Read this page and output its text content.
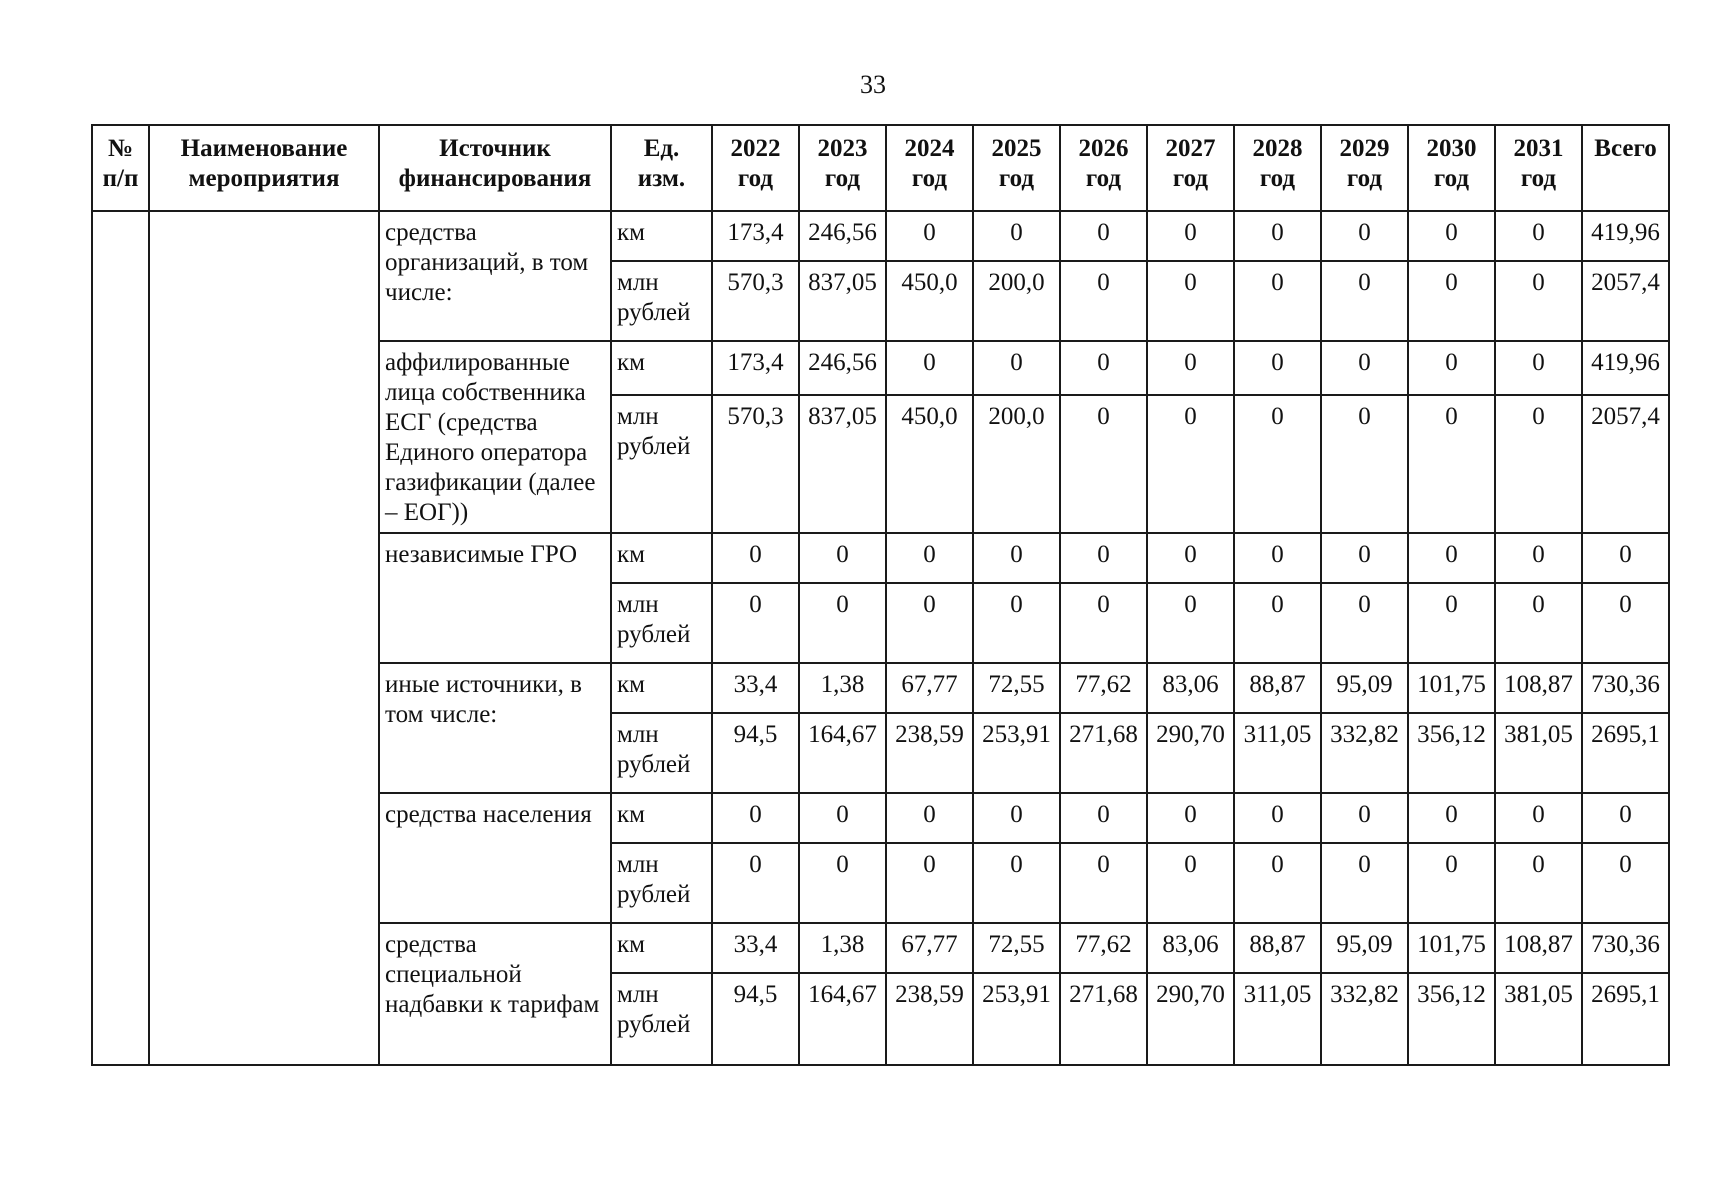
33
№ п/п	Наименование мероприятия	Источник финансирования	Ед. изм.	2022 год	2023 год	2024 год	2025 год	2026 год	2027 год	2028 год	2029 год	2030 год	2031 год	Всего
		средства организаций, в том числе:	км	173,4	246,56	0	0	0	0	0	0	0	0	419,96
			млн рублей	570,3	837,05	450,0	200,0	0	0	0	0	0	0	2057,4
		аффилированные лица собственника ЕСГ (средства Единого оператора газификации (далее – ЕОГ))	км	173,4	246,56	0	0	0	0	0	0	0	0	419,96
			млн рублей	570,3	837,05	450,0	200,0	0	0	0	0	0	0	2057,4
		независимые ГРО	км	0	0	0	0	0	0	0	0	0	0	0
			млн рублей	0	0	0	0	0	0	0	0	0	0	0
		иные источники, в том числе:	км	33,4	1,38	67,77	72,55	77,62	83,06	88,87	95,09	101,75	108,87	730,36
			млн рублей	94,5	164,67	238,59	253,91	271,68	290,70	311,05	332,82	356,12	381,05	2695,1
		средства населения	км	0	0	0	0	0	0	0	0	0	0	0
			млн рублей	0	0	0	0	0	0	0	0	0	0	0
		средства специальной надбавки к тарифам	км	33,4	1,38	67,77	72,55	77,62	83,06	88,87	95,09	101,75	108,87	730,36
			млн рублей	94,5	164,67	238,59	253,91	271,68	290,70	311,05	332,82	356,12	381,05	2695,1
